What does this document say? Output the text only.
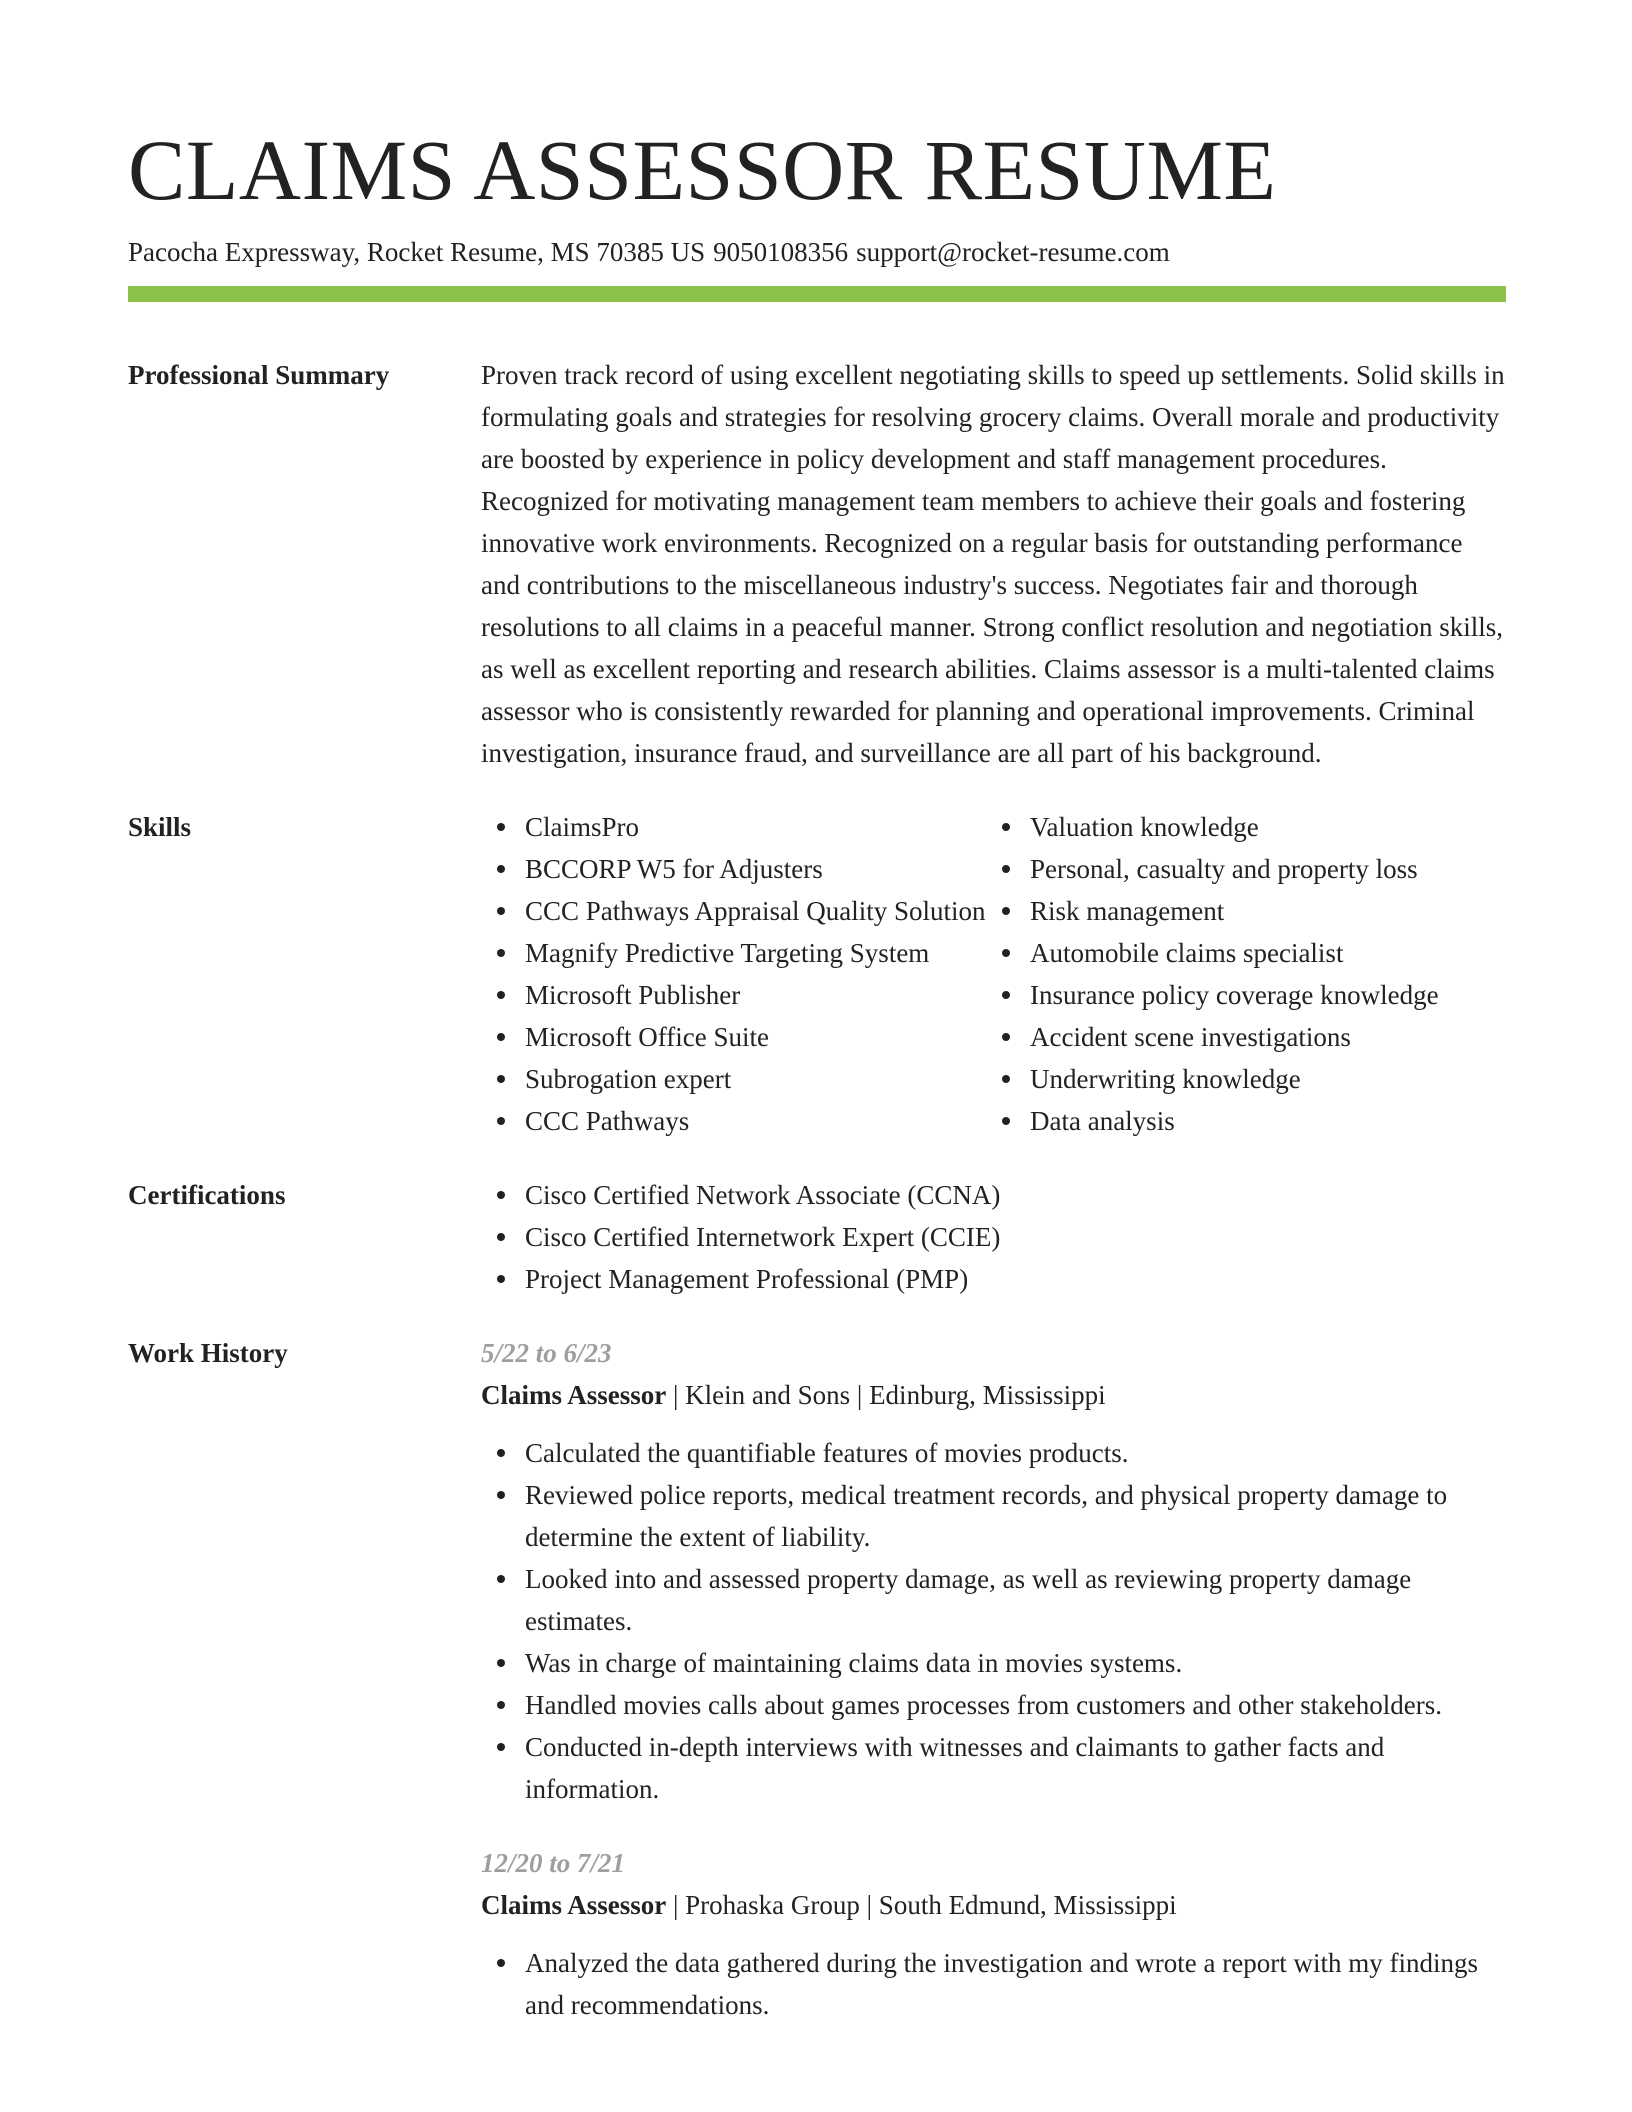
CLAIMS ASSESSOR RESUME
Pacocha Expressway, Rocket Resume, MS 70385 US 9050108356 support@rocket-resume.com
Professional Summary	Proven track record of using excellent negotiating skills to speed up settlements. Solid skills in formulating goals and strategies for resolving grocery claims. Overall morale and productivity are boosted by experience in policy development and staff management procedures. Recognized for motivating management team members to achieve their goals and fostering innovative work environments. Recognized on a regular basis for outstanding performance and contributions to the miscellaneous industry's success. Negotiates fair and thorough resolutions to all claims in a peaceful manner. Strong conflict resolution and negotiation skills, as well as excellent reporting and research abilities. Claims assessor is a multi-talented claims assessor who is consistently rewarded for planning and operational improvements. Criminal investigation, insurance fraud, and surveillance are all part of his background.

Skills	ClaimsPro
BCCORP W5 for Adjusters
CCC Pathways Appraisal Quality Solution
Magnify Predictive Targeting System
Microsoft Publisher
Microsoft Office Suite
Subrogation expert
CCC Pathways
Valuation knowledge
Personal, casualty and property loss
Risk management
Automobile claims specialist
Insurance policy coverage knowledge
Accident scene investigations
Underwriting knowledge
Data analysis
Certifications	Cisco Certified Network Associate (CCNA)
Cisco Certified Internetwork Expert (CCIE)
Project Management Professional (PMP)
Work History	5/22 to 6/23
Claims Assessor | Klein and Sons | Edinburg, Mississippi
Calculated the quantifiable features of movies products.
Reviewed police reports, medical treatment records, and physical property damage to determine the extent of liability.
Looked into and assessed property damage, as well as reviewing property damage estimates.
Was in charge of maintaining claims data in movies systems.
Handled movies calls about games processes from customers and other stakeholders.
Conducted in-depth interviews with witnesses and claimants to gather facts and information.
12/20 to 7/21
Claims Assessor | Prohaska Group | South Edmund, Mississippi
Analyzed the data gathered during the investigation and wrote a report with my findings and recommendations.
